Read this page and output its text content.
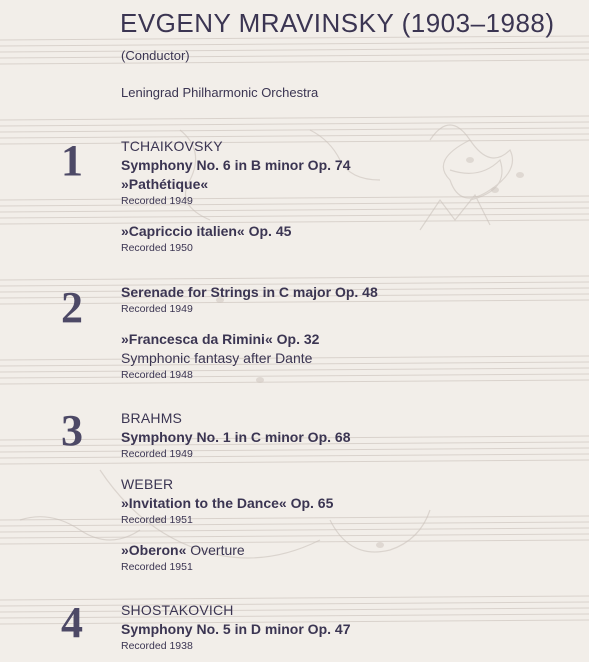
EVGENY MRAVINSKY (1903–1988)
(Conductor)
Leningrad Philharmonic Orchestra
1	TCHAIKOVSKY
Symphony No. 6 in B minor Op. 74
»Pathétique«
Recorded 1949
»Capriccio italien« Op. 45
Recorded 1950
2	Serenade for Strings in C major Op. 48
Recorded 1949
»Francesca da Rimini« Op. 32
Symphonic fantasy after Dante
Recorded 1948
3	BRAHMS
Symphony No. 1 in C minor Op. 68
Recorded 1949
WEBER
»Invitation to the Dance« Op. 65
Recorded 1951
»Oberon« Overture
Recorded 1951
4	SHOSTAKOVICH
Symphony No. 5 in D minor Op. 47
Recorded 1938
